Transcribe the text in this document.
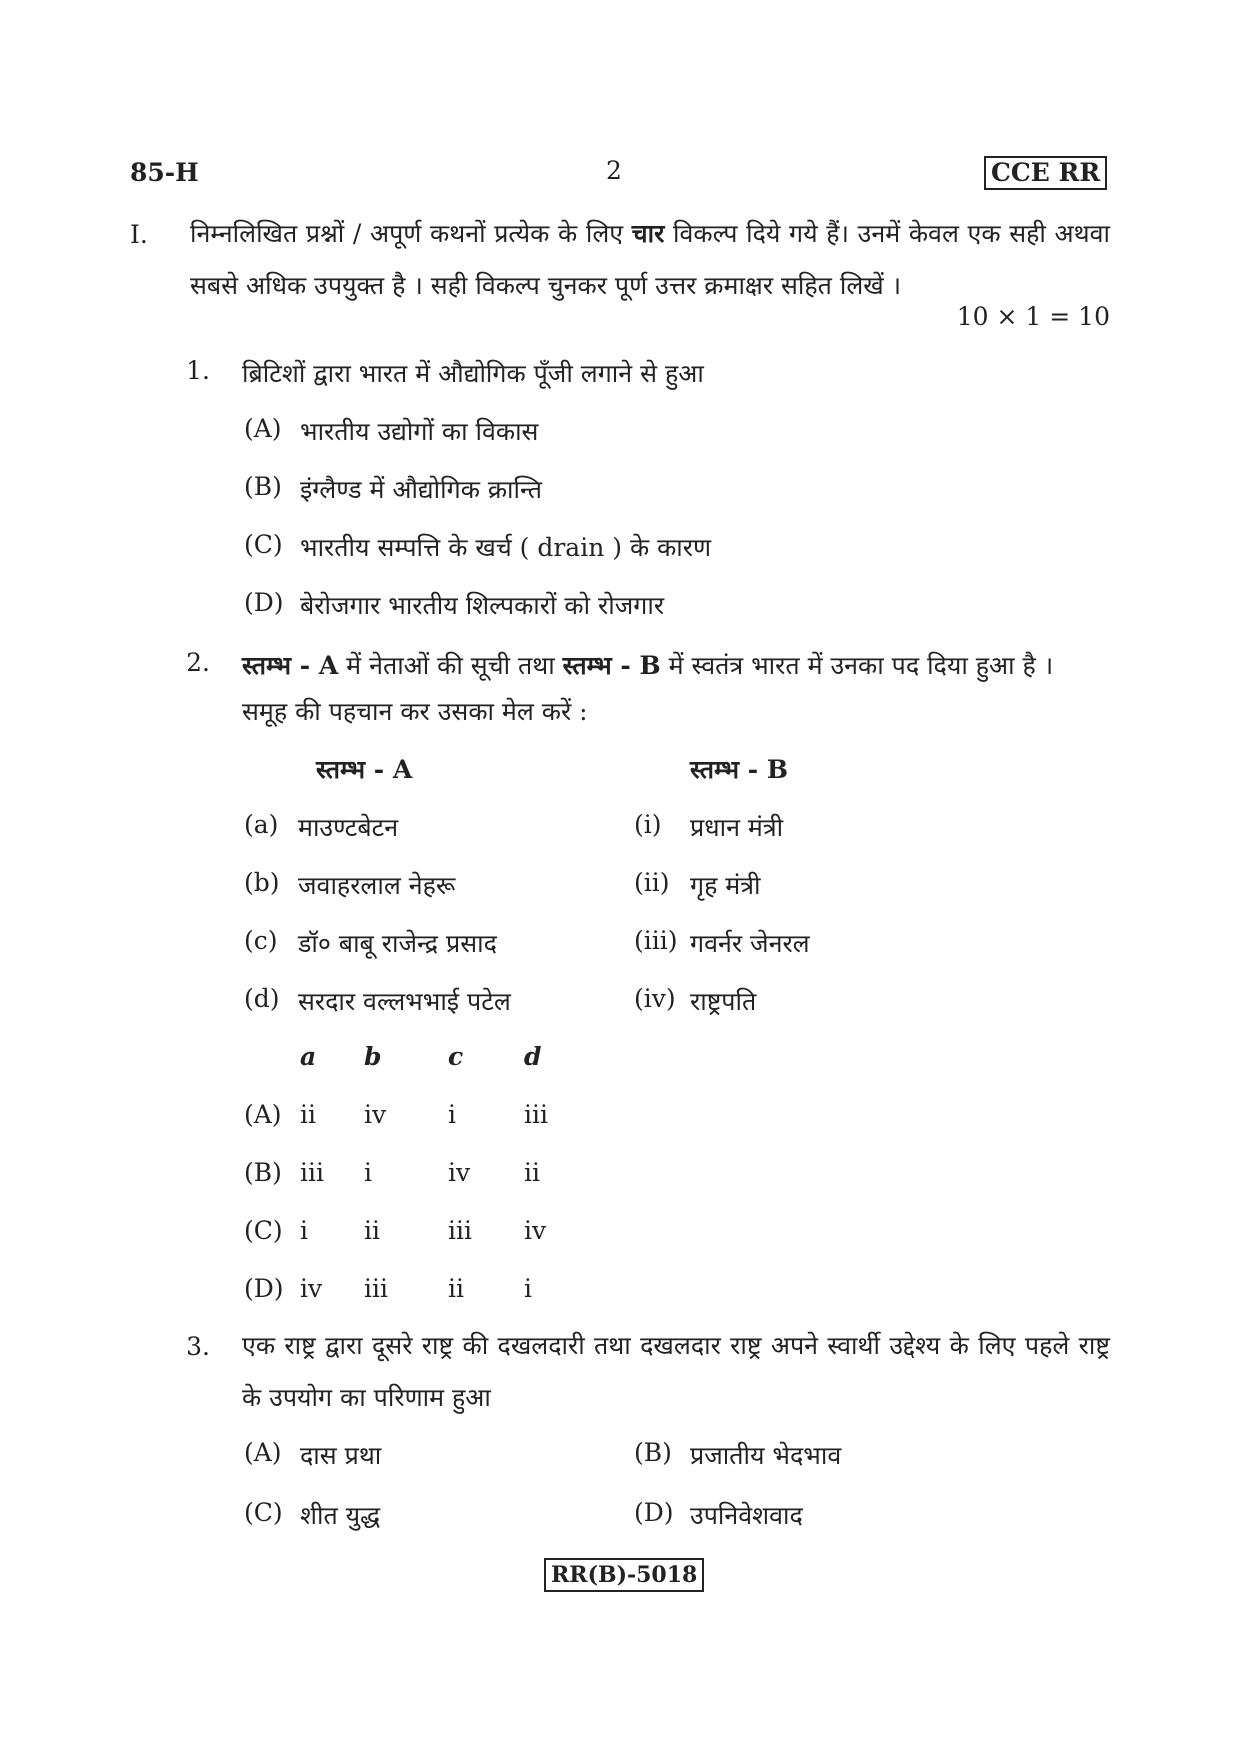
85-H	2	CCE RR
I. निम्नलिखित प्रश्नों / अपूर्ण कथनों प्रत्येक के लिए चार विकल्प दिये गये हैं। उनमें केवल एक सही अथवा सबसे अधिक उपयुक्त है । सही विकल्प चुनकर पूर्ण उत्तर क्रमाक्षर सहित लिखें ।
10 × 1 = 10
1. ब्रिटिशों द्वारा भारत में औद्योगिक पूँजी लगाने से हुआ
(A) भारतीय उद्योगों का विकास
(B) इंग्लैण्ड में औद्योगिक क्रान्ति
(C) भारतीय सम्पत्ति के खर्च ( drain ) के कारण
(D) बेरोजगार भारतीय शिल्पकारों को रोजगार
2. स्तम्भ - A में नेताओं की सूची तथा स्तम्भ - B में स्वतंत्र भारत में उनका पद दिया हुआ है ।
समूह की पहचान कर उसका मेल करें :
स्तम्भ - A	स्तम्भ - B
(a) माउण्टबेटन	(i) प्रधान मंत्री
(b) जवाहरलाल नेहरू	(ii) गृह मंत्री
(c) डॉ० बाबू राजेन्द्र प्रसाद	(iii) गवर्नर जेनरल
(d) सरदार वल्लभभाई पटेल	(iv) राष्ट्रपति
a b	c d
(A) ii iv i	iii
(B) iii i	iv ii
(C) i ii	iii iv
(D) iv iii ii i
3. एक राष्ट्र द्वारा दूसरे राष्ट्र की दखलदारी तथा दखलदार राष्ट्र अपने स्वार्थी उद्देश्य के लिए पहले राष्ट्र के उपयोग का परिणाम हुआ
(A) दास प्रथा	(B) प्रजातीय भेदभाव
(C) शीत युद्ध	(D) उपनिवेशवाद
RR(B)-5018
